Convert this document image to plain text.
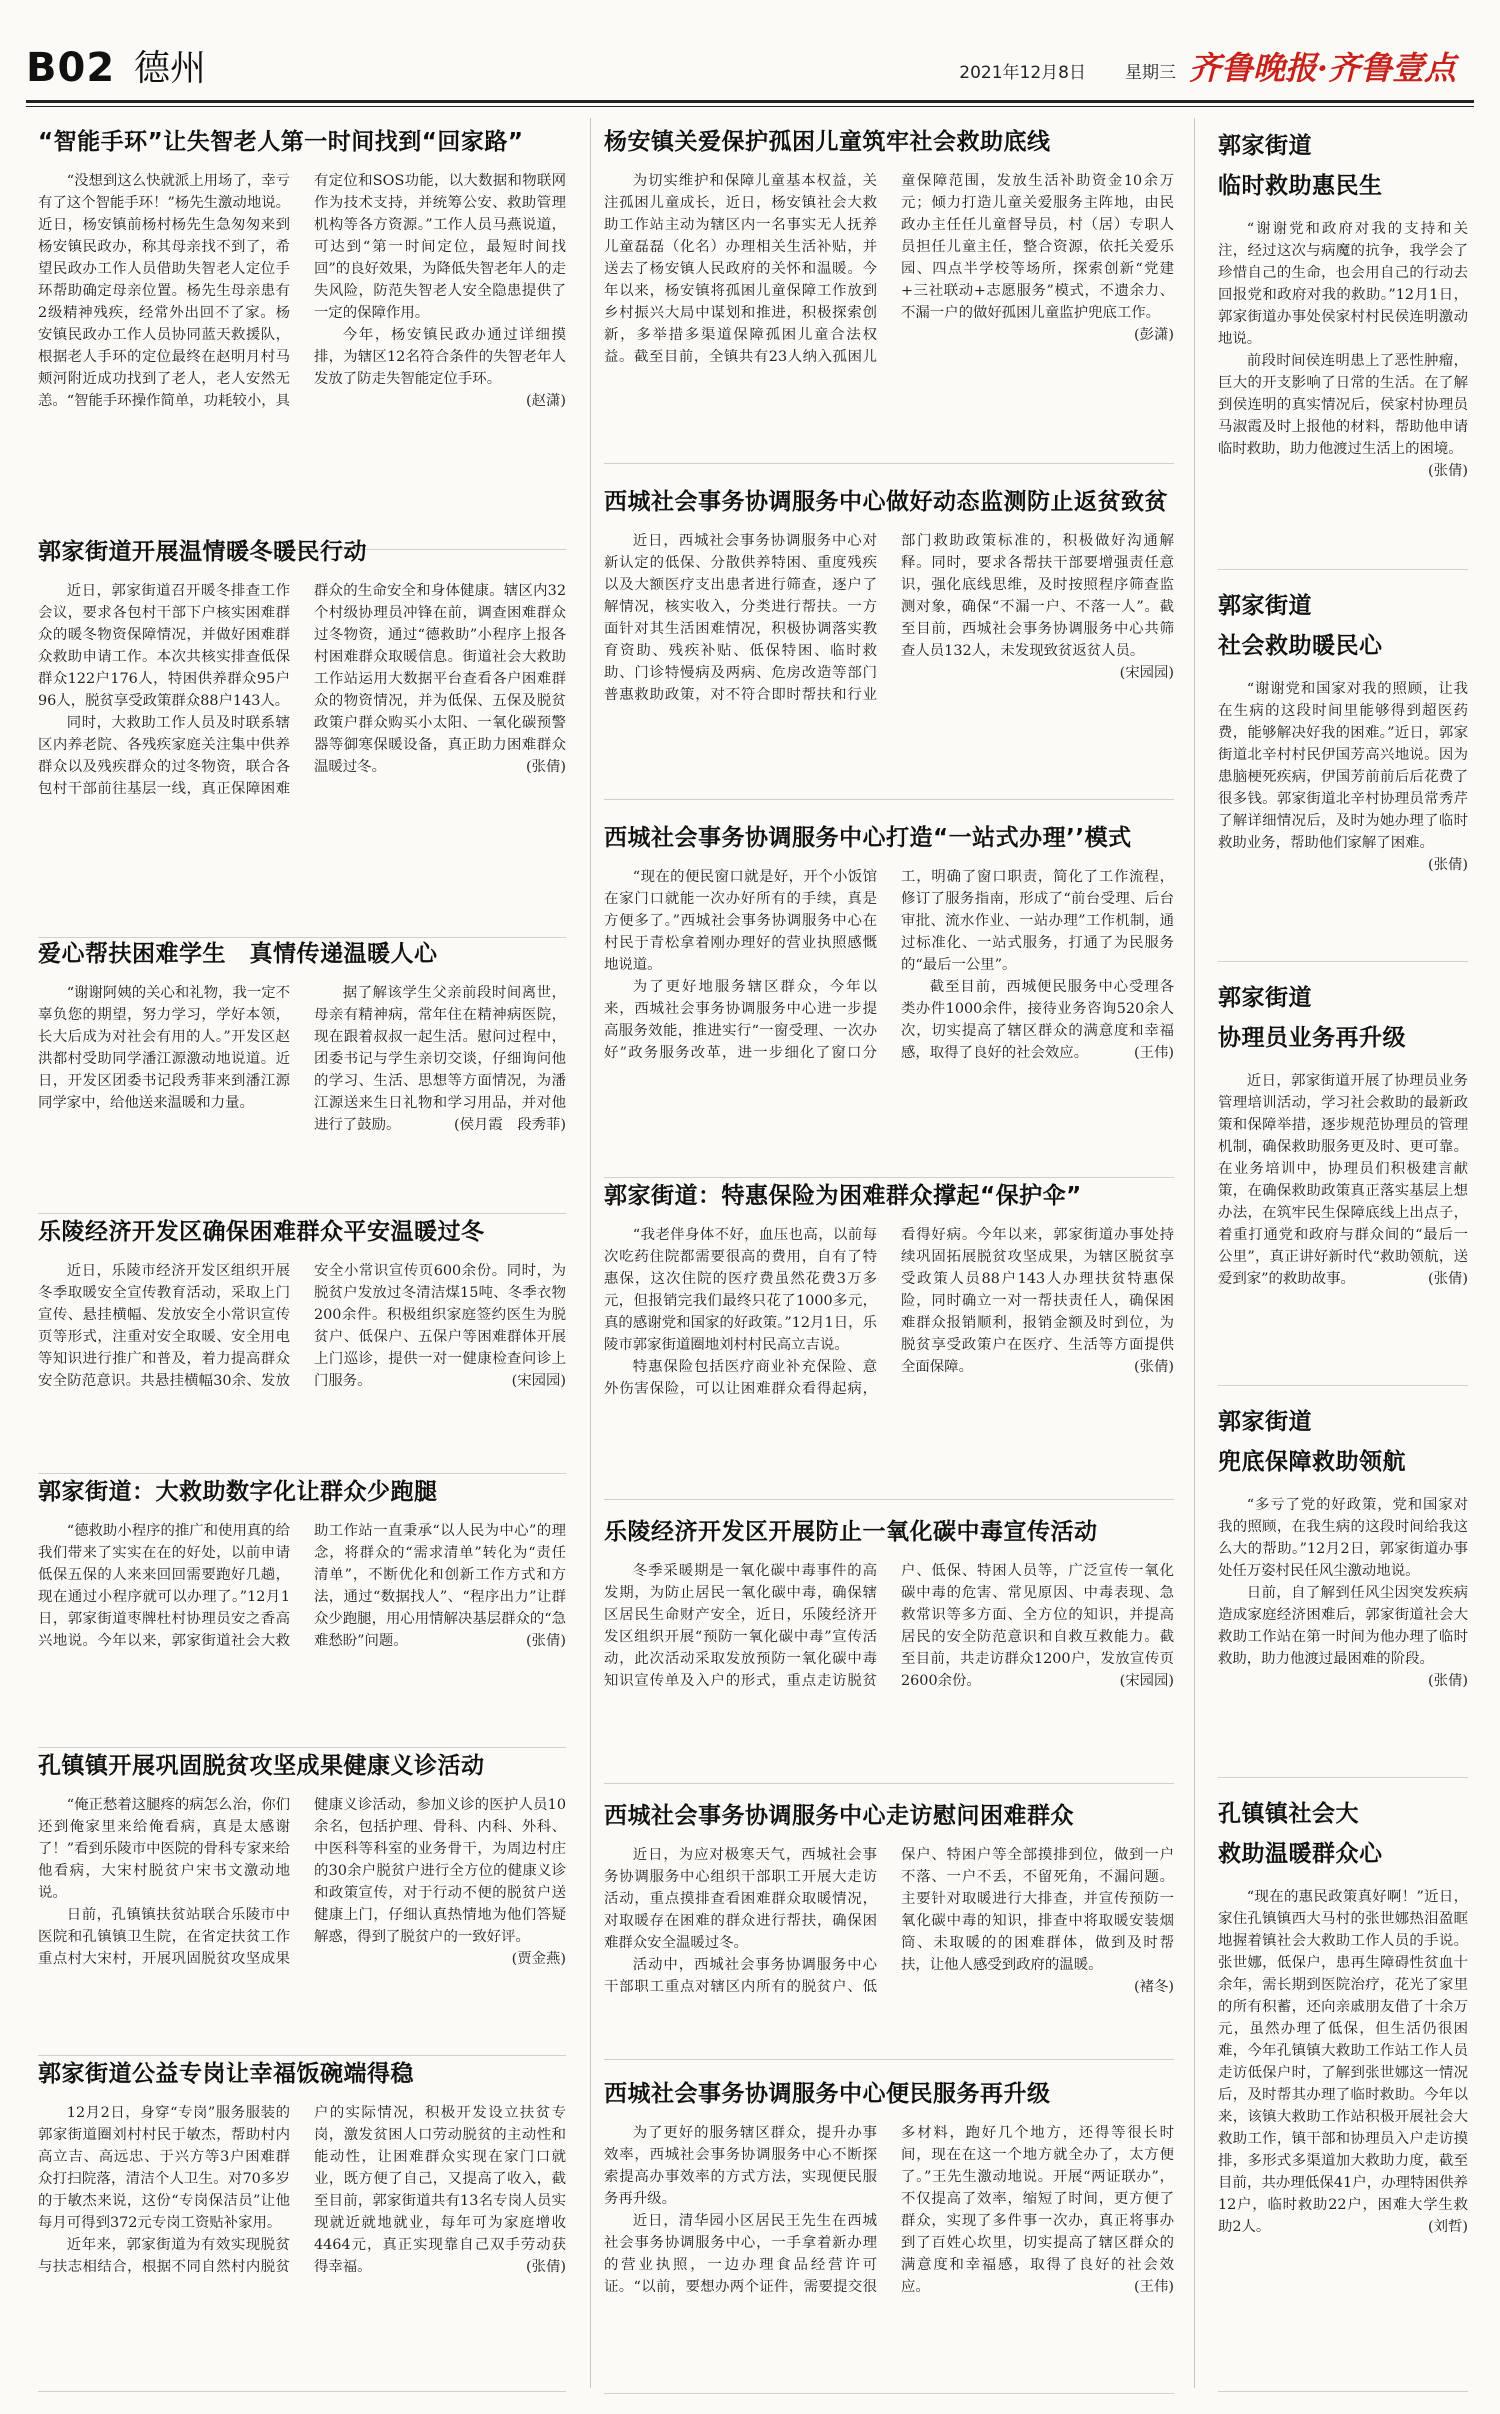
B02 德州	2021年12月8日 星期三 齐鲁晚报·齐鲁壹点
“智能手环”让失智老人第一时间找到“回家路”

“没想到这么快就派上用场了，幸亏有了这个智能手环！”杨先生激动地说。近日，杨安镇前杨村杨先生急匆匆来到杨安镇民政办，称其母亲找不到了，希望民政办工作人员借助失智老人定位手环帮助确定母亲位置。杨先生母亲患有2级精神残疾，经常外出回不了家。杨安镇民政办工作人员协同蓝天救援队，根据老人手环的定位最终在赵明月村马颊河附近成功找到了老人，老人安然无恙。“智能手环操作简单，功耗较小，具有定位和SOS功能，以大数据和物联网作为技术支持，并统筹公安、救助管理机构等各方资源。”工作人员马燕说道，可达到“第一时间定位，最短时间找回”的良好效果，为降低失智老年人的走失风险，防范失智老人安全隐患提供了一定的保障作用。

今年，杨安镇民政办通过详细摸排，为辖区12名符合条件的失智老年人发放了防走失智能定位手环。
(赵潇)

郭家街道开展温情暖冬暖民行动

近日，郭家街道召开暖冬排查工作会议，要求各包村干部下户核实困难群众的暖冬物资保障情况，并做好困难群众救助申请工作。本次共核实排查低保群众122户176人，特困供养群众95户96人，脱贫享受政策群众88户143人。

同时，大救助工作人员及时联系辖区内养老院、各残疾家庭关注集中供养群众以及残疾群众的过冬物资，联合各包村干部前往基层一线，真正保障困难群众的生命安全和身体健康。辖区内32个村级协理员冲锋在前，调查困难群众过冬物资，通过“德救助”小程序上报各村困难群众取暖信息。街道社会大救助工作站运用大数据平台查看各户困难群众的物资情况，并为低保、五保及脱贫政策户群众购买小太阳、一氧化碳预警器等御寒保暖设备，真正助力困难群众温暖过冬。	(张倩)

爱心帮扶困难学生　真情传递温暖人心

“谢谢阿姨的关心和礼物，我一定不辜负您的期望，努力学习，学好本领，长大后成为对社会有用的人。”开发区赵洪都村受助同学潘江源激动地说道。近日，开发区团委书记段秀菲来到潘江源同学家中，给他送来温暖和力量。

据了解该学生父亲前段时间离世，母亲有精神病，常年住在精神病医院，现在跟着叔叔一起生活。慰问过程中，团委书记与学生亲切交谈，仔细询问他的学习、生活、思想等方面情况，为潘江源送来生日礼物和学习用品，并对他进行了鼓励。	(侯月霞　段秀菲)

乐陵经济开发区确保困难群众平安温暖过冬

近日，乐陵市经济开发区组织开展冬季取暖安全宣传教育活动，采取上门宣传、悬挂横幅、发放安全小常识宣传页等形式，注重对安全取暖、安全用电等知识进行推广和普及，着力提高群众安全防范意识。共悬挂横幅30余、发放安全小常识宣传页600余份。同时，为脱贫户发放过冬清洁煤15吨、冬季衣物200余件。积极组织家庭签约医生为脱贫户、低保户、五保户等困难群体开展上门巡诊，提供一对一健康检查问诊上门服务。	(宋园园)

郭家街道：大救助数字化让群众少跑腿

“德救助小程序的推广和使用真的给我们带来了实实在在的好处，以前申请低保五保的人来来回回需要跑好几趟，现在通过小程序就可以办理了。”12月1日，郭家街道枣牌杜村协理员安之香高兴地说。今年以来，郭家街道社会大救助工作站一直秉承“以人民为中心”的理念，将群众的“需求清单”转化为“责任清单”，不断优化和创新工作方式和方法，通过“数据找人”、“程序出力”让群众少跑腿，用心用情解决基层群众的“急难愁盼”问题。	(张倩)

孔镇镇开展巩固脱贫攻坚成果健康义诊活动

“俺正愁着这腿疼的病怎么治，你们还到俺家里来给俺看病，真是太感谢了！”看到乐陵市中医院的骨科专家来给他看病，大宋村脱贫户宋书文激动地说。

日前，孔镇镇扶贫站联合乐陵市中医院和孔镇镇卫生院，在省定扶贫工作重点村大宋村，开展巩固脱贫攻坚成果健康义诊活动，参加义诊的医护人员10余名，包括护理、骨科、内科、外科、中医科等科室的业务骨干，为周边村庄的30余户脱贫户进行全方位的健康义诊和政策宣传，对于行动不便的脱贫户送健康上门，仔细认真热情地为他们答疑解惑，得到了脱贫户的一致好评。
(贾金燕)

郭家街道公益专岗让幸福饭碗端得稳

12月2日，身穿“专岗”服务服装的郭家街道圈刘村村民于敏杰，帮助村内高立吉、高远忠、于兴方等3户困难群众打扫院落，清洁个人卫生。对70多岁的于敏杰来说，这份“专岗保洁员”让他每月可得到372元专岗工资贴补家用。

近年来，郭家街道为有效实现脱贫与扶志相结合，根据不同自然村内脱贫户的实际情况，积极开发设立扶贫专岗，激发贫困人口劳动脱贫的主动性和能动性，让困难群众实现在家门口就业，既方便了自己，又提高了收入，截至目前，郭家街道共有13名专岗人员实现就近就地就业，每年可为家庭增收4464元，真正实现靠自己双手劳动获得幸福。	(张倩)

杨安镇关爱保护孤困儿童筑牢社会救助底线

为切实维护和保障儿童基本权益，关注孤困儿童成长，近日，杨安镇社会大救助工作站主动为辖区内一名事实无人抚养儿童磊磊（化名）办理相关生活补贴，并送去了杨安镇人民政府的关怀和温暖。今年以来，杨安镇将孤困儿童保障工作放到乡村振兴大局中谋划和推进，积极探索创新，多举措多渠道保障孤困儿童合法权益。截至目前，全镇共有23人纳入孤困儿童保障范围，发放生活补助资金10余万元；倾力打造儿童关爱服务主阵地，由民政办主任任儿童督导员，村（居）专职人员担任儿童主任，整合资源，依托关爱乐园、四点半学校等场所，探索创新“党建+三社联动+志愿服务”模式，不遗余力、不漏一户的做好孤困儿童监护兜底工作。
(彭潇)

西城社会事务协调服务中心做好动态监测防止返贫致贫

近日，西城社会事务协调服务中心对新认定的低保、分散供养特困、重度残疾以及大额医疗支出患者进行筛查，逐户了解情况，核实收入，分类进行帮扶。一方面针对其生活困难情况，积极协调落实教育资助、残疾补贴、低保特困、临时救助、门诊特慢病及两病、危房改造等部门普惠救助政策，对不符合即时帮扶和行业部门救助政策标准的，积极做好沟通解释。同时，要求各帮扶干部要增强责任意识，强化底线思维，及时按照程序筛查监测对象，确保“不漏一户、不落一人”。截至目前，西城社会事务协调服务中心共筛查人员132人，未发现致贫返贫人员。
(宋园园)

西城社会事务协调服务中心打造“一站式办理’’模式

“现在的便民窗口就是好，开个小饭馆在家门口就能一次办好所有的手续，真是方便多了。”西城社会事务协调服务中心在村民于青松拿着刚办理好的营业执照感慨地说道。

为了更好地服务辖区群众，今年以来，西城社会事务协调服务中心进一步提高服务效能，推进实行“一窗受理、一次办好”政务服务改革，进一步细化了窗口分工，明确了窗口职责，简化了工作流程，修订了服务指南，形成了“前台受理、后台审批、流水作业、一站办理”工作机制，通过标准化、一站式服务，打通了为民服务的“最后一公里”。

截至目前，西城便民服务中心受理各类办件1000余件，接待业务咨询520余人次，切实提高了辖区群众的满意度和幸福感，取得了良好的社会效应。	(王伟)

郭家街道：特惠保险为困难群众撑起“保护伞”

“我老伴身体不好，血压也高，以前每次吃药住院都需要很高的费用，自有了特惠保，这次住院的医疗费虽然花费3万多元，但报销完我们最终只花了1000多元，真的感谢党和国家的好政策。”12月1日，乐陵市郭家街道圈地刘村村民高立吉说。

特惠保险包括医疗商业补充保险、意外伤害保险，可以让困难群众看得起病，看得好病。今年以来，郭家街道办事处持续巩固拓展脱贫攻坚成果，为辖区脱贫享受政策人员88户143人办理扶贫特惠保险，同时确立一对一帮扶责任人，确保困难群众报销顺利，报销金额及时到位，为脱贫享受政策户在医疗、生活等方面提供全面保障。	(张倩)

乐陵经济开发区开展防止一氧化碳中毒宣传活动

冬季采暖期是一氧化碳中毒事件的高发期，为防止居民一氧化碳中毒，确保辖区居民生命财产安全，近日，乐陵经济开发区组织开展“预防一氧化碳中毒”宣传活动，此次活动采取发放预防一氧化碳中毒知识宣传单及入户的形式，重点走访脱贫户、低保、特困人员等，广泛宣传一氧化碳中毒的危害、常见原因、中毒表现、急救常识等多方面、全方位的知识，并提高居民的安全防范意识和自救互救能力。截至目前，共走访群众1200户，发放宣传页2600余份。	(宋园园)

西城社会事务协调服务中心走访慰问困难群众

近日，为应对极寒天气，西城社会事务协调服务中心组织干部职工开展大走访活动，重点摸排查看困难群众取暖情况，对取暖存在困难的群众进行帮扶，确保困难群众安全温暖过冬。

活动中，西城社会事务协调服务中心干部职工重点对辖区内所有的脱贫户、低保户、特困户等全部摸排到位，做到一户不落、一户不丢，不留死角，不漏问题。主要针对取暖进行大排查，并宣传预防一氧化碳中毒的知识，排查中将取暖安装烟筒、未取暖的的困难群体，做到及时帮扶，让他人感受到政府的温暖。
(褚冬)

西城社会事务协调服务中心便民服务再升级

为了更好的服务辖区群众，提升办事效率，西城社会事务协调服务中心不断探索提高办事效率的方式方法，实现便民服务再升级。

近日，清华园小区居民王先生在西城社会事务协调服务中心，一手拿着新办理的营业执照，一边办理食品经营许可证。“以前，要想办两个证件，需要提交很多材料，跑好几个地方，还得等很长时间，现在在这一个地方就全办了，太方便了。”王先生激动地说。开展“两证联办”，不仅提高了效率，缩短了时间，更方便了群众，实现了多件事一次办，真正将事办到了百姓心坎里，切实提高了辖区群众的满意度和幸福感，取得了良好的社会效应。	(王伟)

郭家街道
临时救助惠民生

“谢谢党和政府对我的支持和关注，经过这次与病魔的抗争，我学会了珍惜自己的生命，也会用自己的行动去回报党和政府对我的救助。”12月1日，郭家街道办事处侯家村村民侯连明激动地说。

前段时间侯连明患上了恶性肿瘤，巨大的开支影响了日常的生活。在了解到侯连明的真实情况后，侯家村协理员马淑霞及时上报他的材料，帮助他申请临时救助，助力他渡过生活上的困境。
(张倩)

郭家街道
社会救助暖民心

“谢谢党和国家对我的照顾，让我在生病的这段时间里能够得到超医药费，能够解决好我的困难。”近日，郭家街道北辛村村民伊国芳高兴地说。因为患脑梗死疾病，伊国芳前前后后花费了很多钱。郭家街道北辛村协理员常秀芹了解详细情况后，及时为她办理了临时救助业务，帮助他们家解了困难。
(张倩)

郭家街道
协理员业务再升级

近日，郭家街道开展了协理员业务管理培训活动，学习社会救助的最新政策和保障举措，逐步规范协理员的管理机制，确保救助服务更及时、更可靠。在业务培训中，协理员们积极建言献策，在确保救助政策真正落实基层上想办法，在筑牢民生保障底线上出点子，着重打通党和政府与群众间的“最后一公里”，真正讲好新时代“救助领航，送爱到家”的救助故事。	(张倩)

郭家街道
兜底保障救助领航

“多亏了党的好政策，党和国家对我的照顾，在我生病的这段时间给我这么大的帮助。”12月2日，郭家街道办事处任万姿村民任风尘激动地说。

日前，自了解到任风尘因突发疾病造成家庭经济困难后，郭家街道社会大救助工作站在第一时间为他办理了临时救助，助力他渡过最困难的阶段。
(张倩)

孔镇镇社会大
救助温暖群众心

“现在的惠民政策真好啊！”近日，家住孔镇镇西大马村的张世娜热泪盈眶地握着镇社会大救助工作人员的手说。张世娜，低保户，患再生障碍性贫血十余年，需长期到医院治疗，花光了家里的所有积蓄，还向亲戚朋友借了十余万元，虽然办理了低保，但生活仍很困难，今年孔镇镇大救助工作站工作人员走访低保户时，了解到张世娜这一情况后，及时帮其办理了临时救助。今年以来，该镇大救助工作站积极开展社会大救助工作，镇干部和协理员入户走访摸排，多形式多渠道加大救助力度，截至目前，共办理低保41户，办理特困供养12户，临时救助22户，困难大学生救助2人。	(刘哲)
